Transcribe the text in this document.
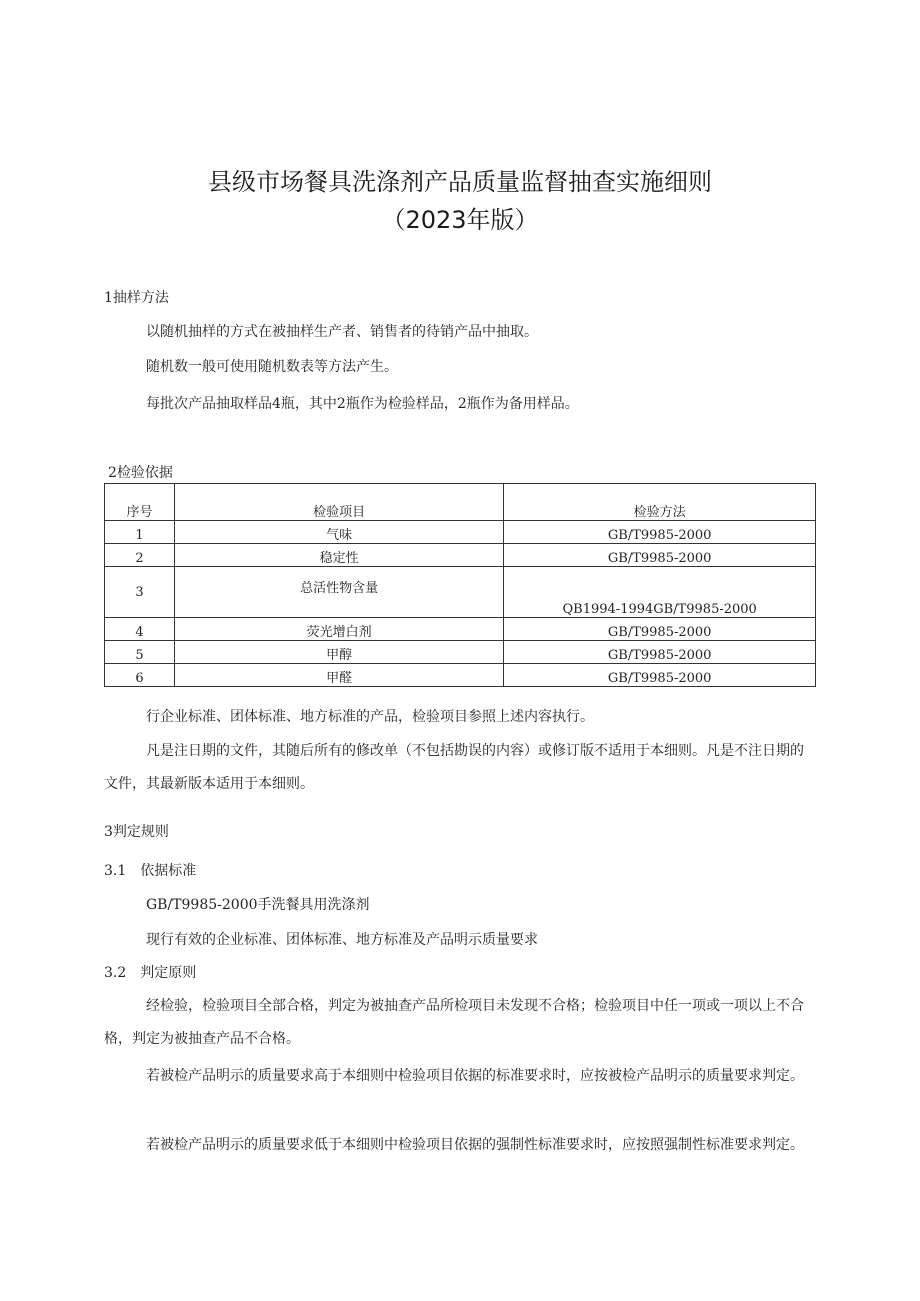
县级市场餐具洗涤剂产品质量监督抽查实施细则
（2023年版）
1抽样方法
以随机抽样的方式在被抽样生产者、销售者的待销产品中抽取。
随机数一般可使用随机数表等方法产生。
每批次产品抽取样品4瓶，其中2瓶作为检验样品，2瓶作为备用样品。
2检验依据
序号	检验项目	检验方法
1	气味	GB/T9985-2000
2	稳定性	GB/T9985-2000
3	总活性物含量	QB1994-1994GB/T9985-2000
4	荧光增白剂	GB/T9985-2000
5	甲醇	GB/T9985-2000
6	甲醛	GB/T9985-2000
行企业标准、团体标准、地方标准的产品，检验项目参照上述内容执行。
凡是注日期的文件，其随后所有的修改单（不包括勘误的内容）或修订版不适用于本细则。凡是不注日期的文件，其最新版本适用于本细则。
3判定规则
3.1　依据标准
GB/T9985-2000手洗餐具用洗涤剂
现行有效的企业标准、团体标准、地方标准及产品明示质量要求
3.2　判定原则
经检验，检验项目全部合格，判定为被抽查产品所检项目未发现不合格；检验项目中任一项或一项以上不合格，判定为被抽查产品不合格。
若被检产品明示的质量要求高于本细则中检验项目依据的标准要求时，应按被检产品明示的质量要求判定。
若被检产品明示的质量要求低于本细则中检验项目依据的强制性标准要求时，应按照强制性标准要求判定。
